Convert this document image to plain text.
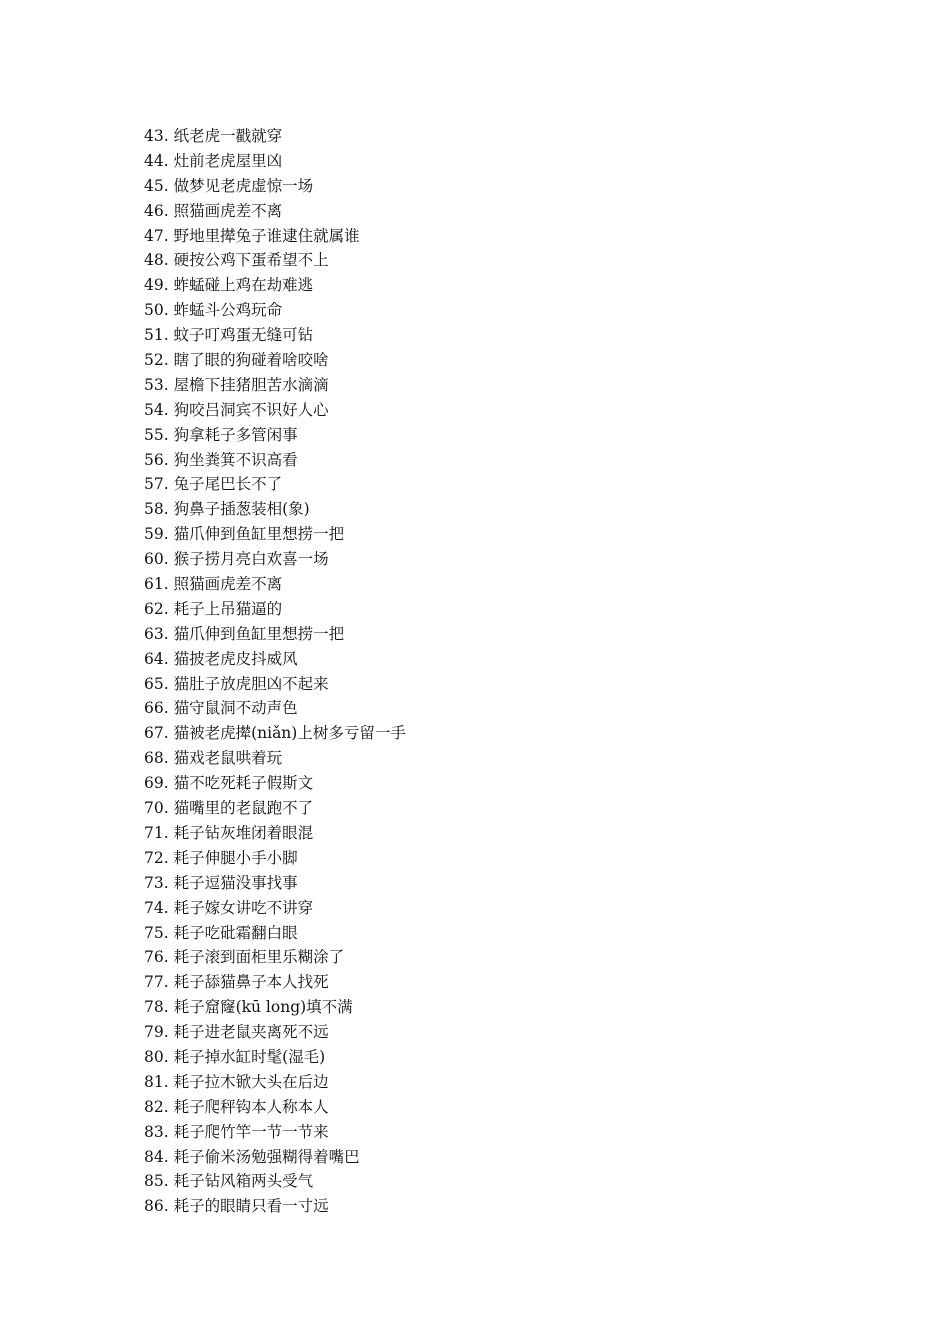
43. 纸老虎一戳就穿
44. 灶前老虎屋里凶
45. 做梦见老虎虚惊一场
46. 照猫画虎差不离
47. 野地里撵兔子谁逮住就属谁
48. 硬按公鸡下蛋希望不上
49. 蚱蜢碰上鸡在劫难逃
50. 蚱蜢斗公鸡玩命
51. 蚊子叮鸡蛋无缝可钻
52. 瞎了眼的狗碰着啥咬啥
53. 屋檐下挂猪胆苦水滴滴
54. 狗咬吕洞宾不识好人心
55. 狗拿耗子多管闲事
56. 狗坐粪箕不识高看
57. 兔子尾巴长不了
58. 狗鼻子插葱装相(象)
59. 猫爪伸到鱼缸里想捞一把
60. 猴子捞月亮白欢喜一场
61. 照猫画虎差不离
62. 耗子上吊猫逼的
63. 猫爪伸到鱼缸里想捞一把
64. 猫披老虎皮抖威风
65. 猫肚子放虎胆凶不起来
66. 猫守鼠洞不动声色
67. 猫被老虎撵(niǎn)上树多亏留一手
68. 猫戏老鼠哄着玩
69. 猫不吃死耗子假斯文
70. 猫嘴里的老鼠跑不了
71. 耗子钻灰堆闭着眼混
72. 耗子伸腿小手小脚
73. 耗子逗猫没事找事
74. 耗子嫁女讲吃不讲穿
75. 耗子吃砒霜翻白眼
76. 耗子滚到面柜里乐糊涂了
77. 耗子舔猫鼻子本人找死
78. 耗子窟窿(kū long)填不满
79. 耗子进老鼠夹离死不远
80. 耗子掉水缸时髦(湿毛)
81. 耗子拉木锨大头在后边
82. 耗子爬秤钩本人称本人
83. 耗子爬竹竿一节一节来
84. 耗子偷米汤勉强糊得着嘴巴
85. 耗子钻风箱两头受气
86. 耗子的眼睛只看一寸远
